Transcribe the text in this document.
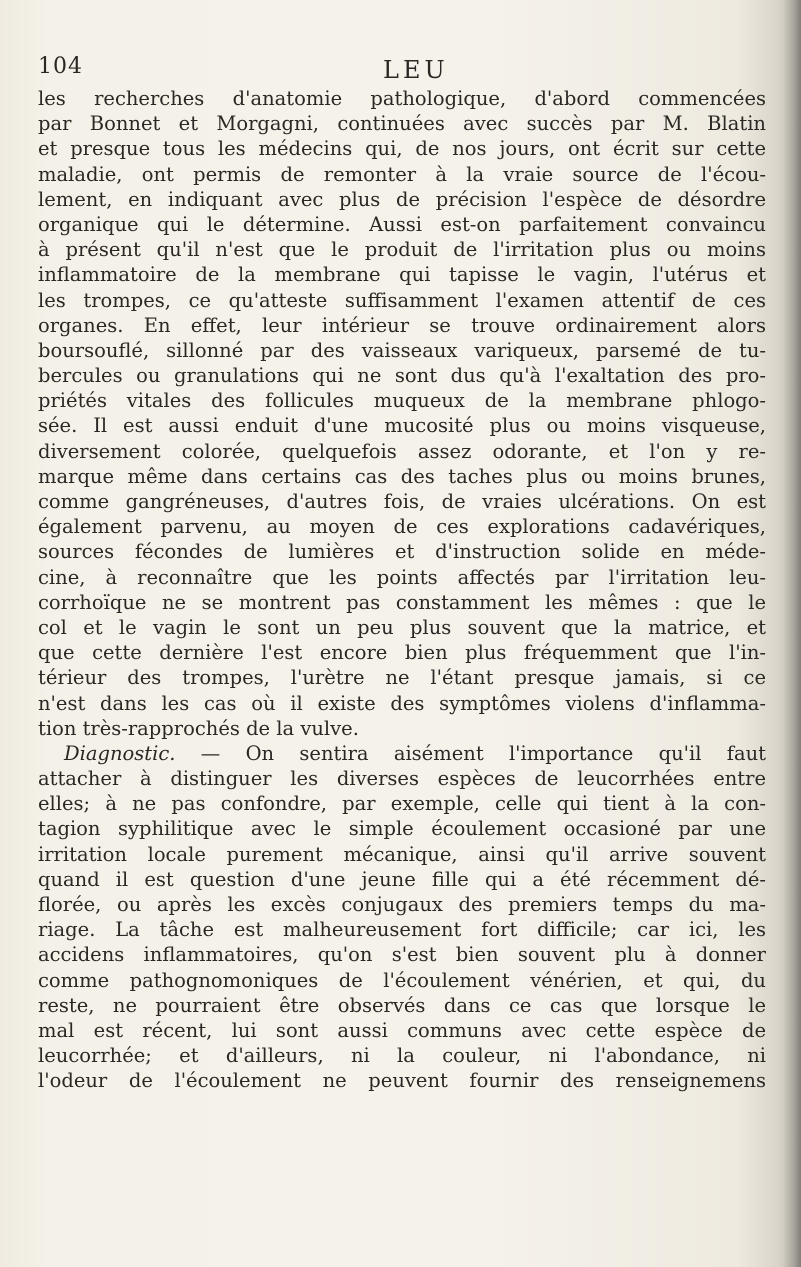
104	LEU
les recherches d'anatomie pathologique, d'abord commencées
par Bonnet et Morgagni, continuées avec succès par M. Blatin
et presque tous les médecins qui, de nos jours, ont écrit sur cette
maladie, ont permis de remonter à la vraie source de l'écou-
lement, en indiquant avec plus de précision l'espèce de désordre
organique qui le détermine. Aussi est-on parfaitement convaincu
à présent qu'il n'est que le produit de l'irritation plus ou moins
inflammatoire de la membrane qui tapisse le vagin, l'utérus et
les trompes, ce qu'atteste suffisamment l'examen attentif de ces
organes. En effet, leur intérieur se trouve ordinairement alors
boursouflé, sillonné par des vaisseaux variqueux, parsemé de tu-
bercules ou granulations qui ne sont dus qu'à l'exaltation des pro-
priétés vitales des follicules muqueux de la membrane phlogo-
sée. Il est aussi enduit d'une mucosité plus ou moins visqueuse,
diversement colorée, quelquefois assez odorante, et l'on y re-
marque même dans certains cas des taches plus ou moins brunes,
comme gangréneuses, d'autres fois, de vraies ulcérations. On est
également parvenu, au moyen de ces explorations cadavériques,
sources fécondes de lumières et d'instruction solide en méde-
cine, à reconnaître que les points affectés par l'irritation leu-
corrhoïque ne se montrent pas constamment les mêmes : que le
col et le vagin le sont un peu plus souvent que la matrice, et
que cette dernière l'est encore bien plus fréquemment que l'in-
térieur des trompes, l'urètre ne l'étant presque jamais, si ce
n'est dans les cas où il existe des symptômes violens d'inflamma-
tion très-rapprochés de la vulve.
Diagnostic. — On sentira aisément l'importance qu'il faut
attacher à distinguer les diverses espèces de leucorrhées entre
elles; à ne pas confondre, par exemple, celle qui tient à la con-
tagion syphilitique avec le simple écoulement occasioné par une
irritation locale purement mécanique, ainsi qu'il arrive souvent
quand il est question d'une jeune fille qui a été récemment dé-
florée, ou après les excès conjugaux des premiers temps du ma-
riage. La tâche est malheureusement fort difficile; car ici, les
accidens inflammatoires, qu'on s'est bien souvent plu à donner
comme pathognomoniques de l'écoulement vénérien, et qui, du
reste, ne pourraient être observés dans ce cas que lorsque le
mal est récent, lui sont aussi communs avec cette espèce de
leucorrhée; et d'ailleurs, ni la couleur, ni l'abondance, ni
l'odeur de l'écoulement ne peuvent fournir des renseignemens
